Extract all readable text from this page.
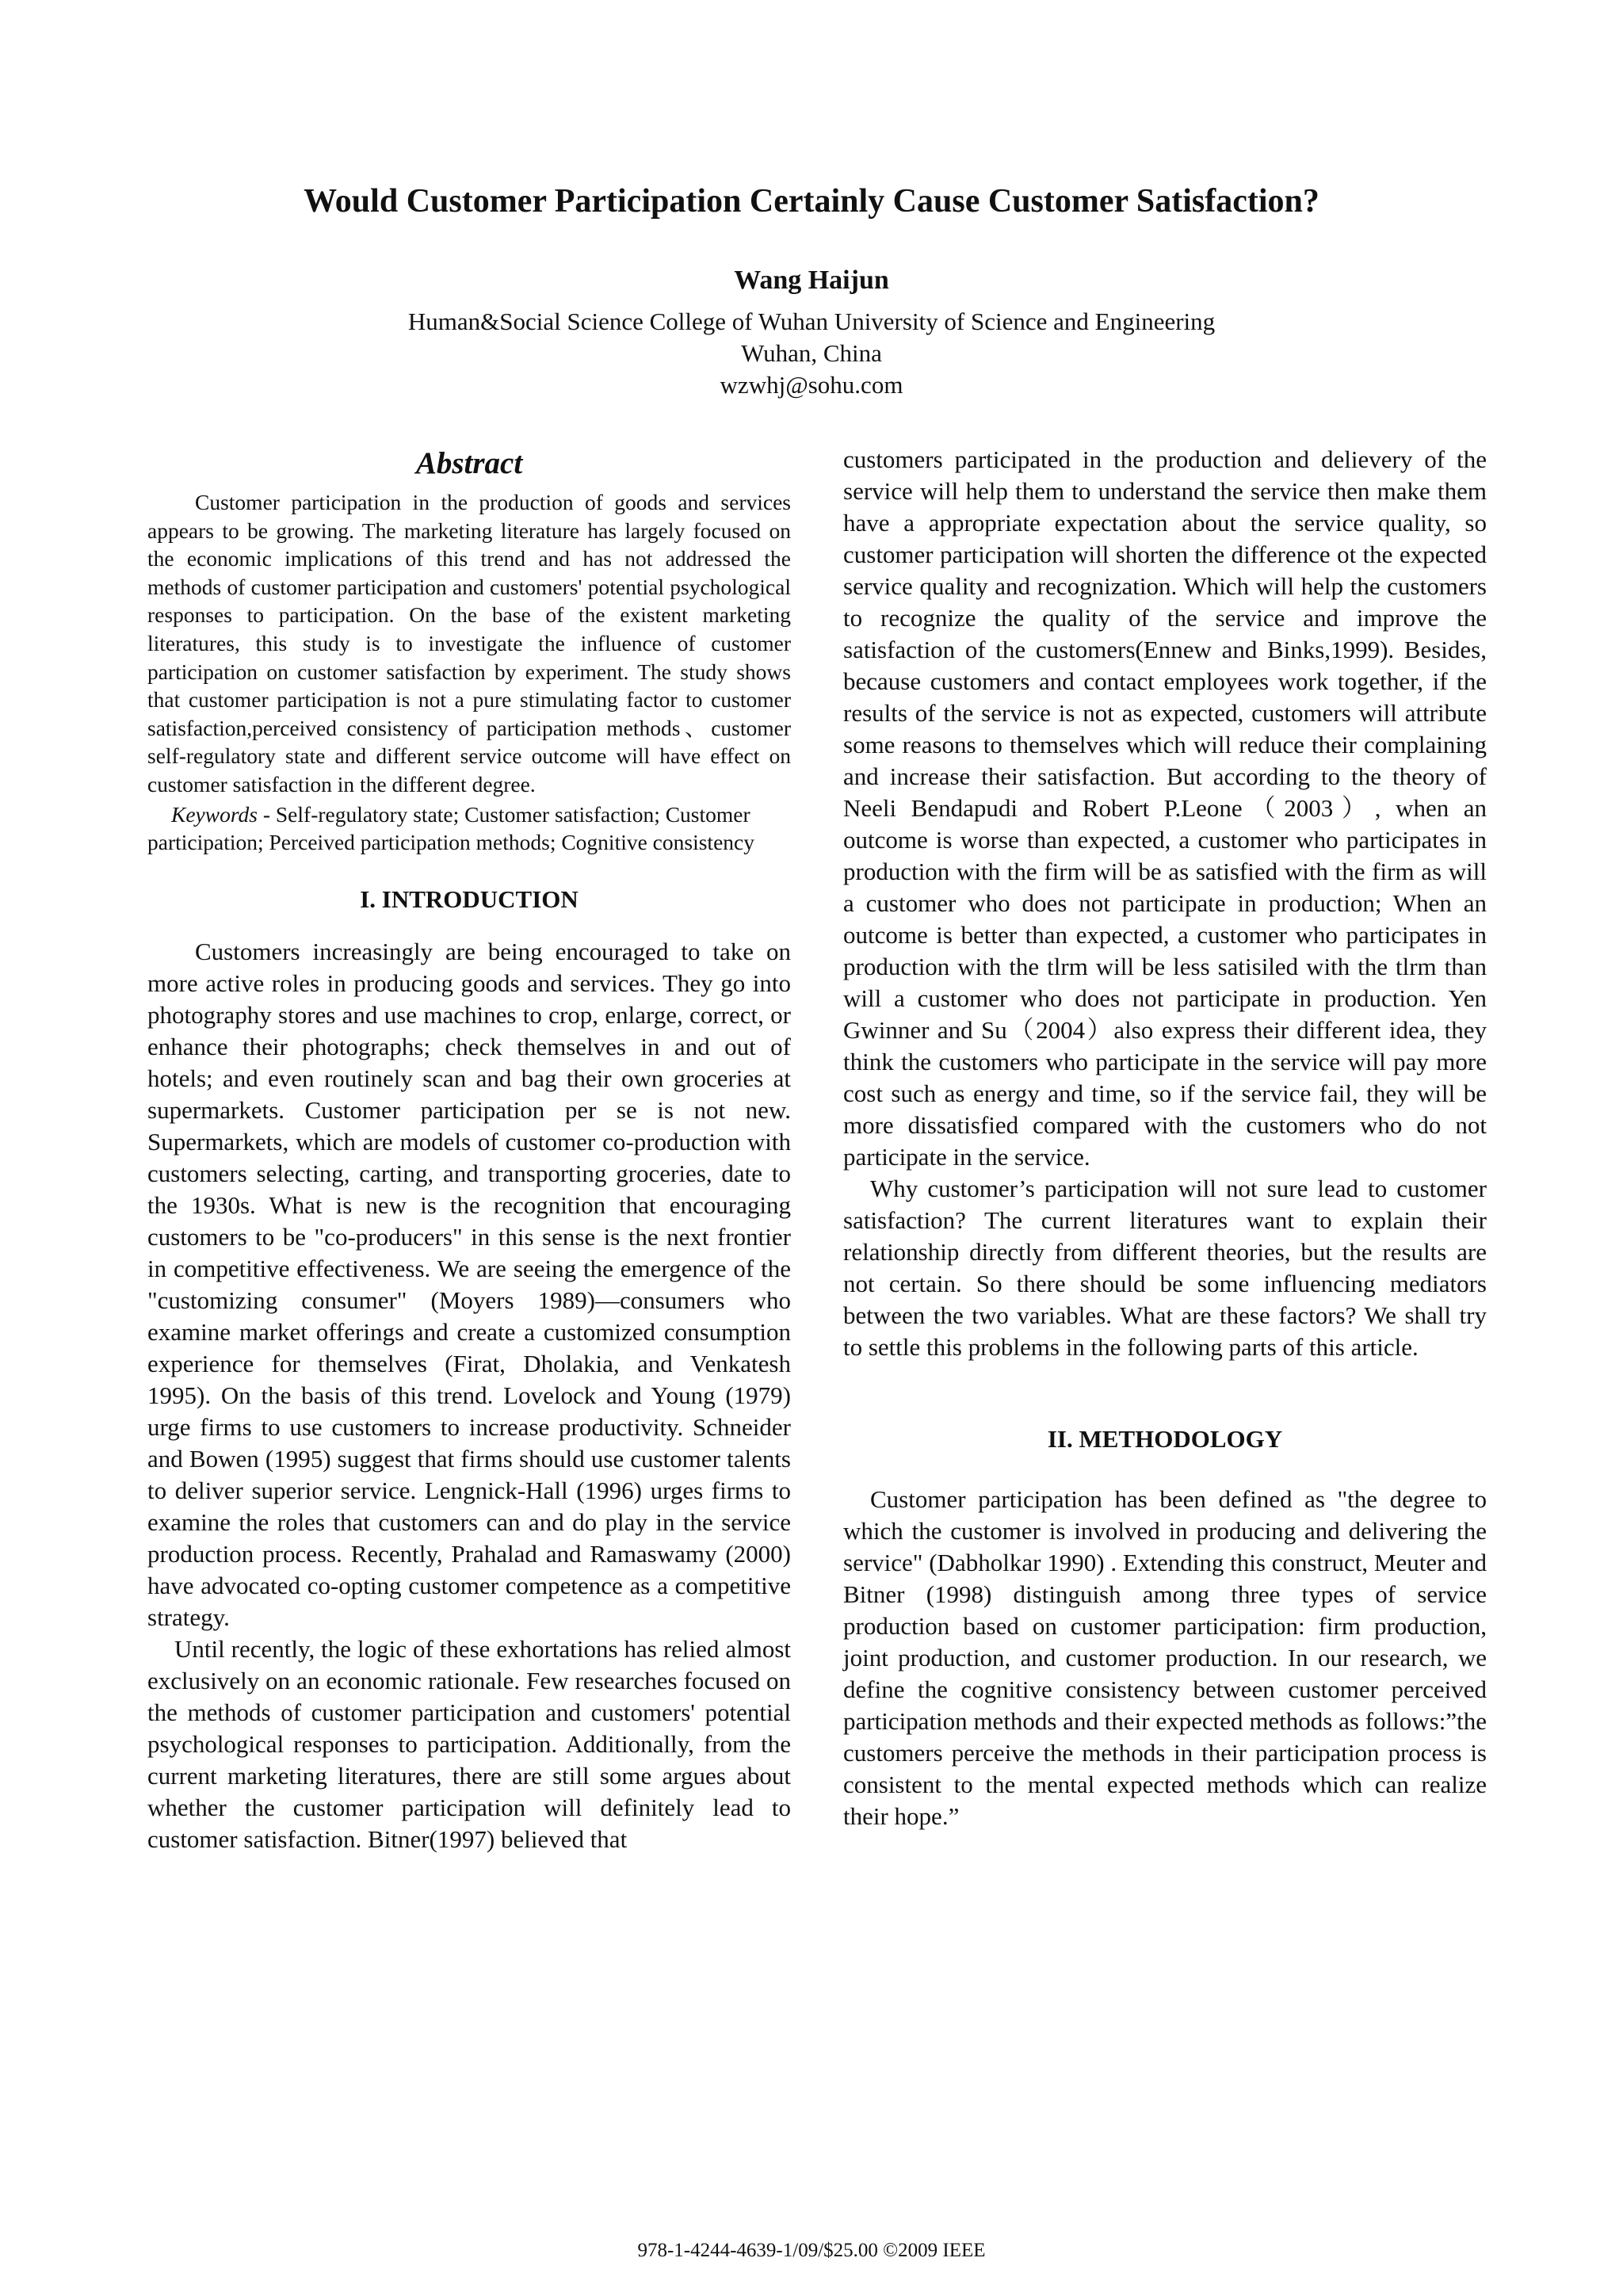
Would Customer Participation Certainly Cause Customer Satisfaction?
Wang Haijun
Human&Social Science College of Wuhan University of Science and Engineering
Wuhan, China
wzwhj@sohu.com
Abstract

Customer participation in the production of goods and services appears to be growing. The marketing literature has largely focused on the economic implications of this trend and has not addressed the methods of customer participation and customers' potential psychological responses to participation. On the base of the existent marketing literatures, this study is to investigate the influence of customer participation on customer satisfaction by experiment. The study shows that customer participation is not a pure stimulating factor to customer satisfaction,perceived consistency of participation methods、customer self-regulatory state and different service outcome will have effect on customer satisfaction in the different degree.

Keywords - Self-regulatory state; Customer satisfaction; Customer participation; Perceived participation methods; Cognitive consistency

I. INTRODUCTION

Customers increasingly are being encouraged to take on more active roles in producing goods and services. They go into photography stores and use machines to crop, enlarge, correct, or enhance their photographs; check themselves in and out of hotels; and even routinely scan and bag their own groceries at supermarkets. Customer participation per se is not new. Supermarkets, which are models of customer co-production with customers selecting, carting, and transporting groceries, date to the 1930s. What is new is the recognition that encouraging customers to be "co-producers" in this sense is the next frontier in competitive effectiveness. We are seeing the emergence of the "customizing consumer" (Moyers 1989)—consumers who examine market offerings and create a customized consumption experience for themselves (Firat, Dholakia, and Venkatesh 1995). On the basis of this trend. Lovelock and Young (1979) urge firms to use customers to increase productivity. Schneider and Bowen (1995) suggest that firms should use customer talents to deliver superior service. Lengnick-Hall (1996) urges firms to examine the roles that customers can and do play in the service production process. Recently, Prahalad and Ramaswamy (2000) have advocated co-opting customer competence as a competitive strategy.

Until recently, the logic of these exhortations has relied almost exclusively on an economic rationale. Few researches focused on the methods of customer participation and customers' potential psychological responses to participation. Additionally, from the current marketing literatures, there are still some argues about whether the customer participation will definitely lead to customer satisfaction. Bitner(1997) believed that

customers participated in the production and delievery of the service will help them to understand the service then make them have a appropriate expectation about the service quality, so customer participation will shorten the difference ot the expected service quality and recognization. Which will help the customers to recognize the quality of the service and improve the satisfaction of the customers(Ennew and Binks,1999). Besides, because customers and contact employees work together, if the results of the service is not as expected, customers will attribute some reasons to themselves which will reduce their complaining and increase their satisfaction. But according to the theory of Neeli Bendapudi and Robert P.Leone（2003）, when an outcome is worse than expected, a customer who participates in production with the firm will be as satisfied with the firm as will a customer who does not participate in production; When an outcome is better than expected, a customer who participates in production with the tlrm will be less satisiled with the tlrm than will a customer who does not participate in production. Yen Gwinner and Su（2004）also express their different idea, they think the customers who participate in the service will pay more cost such as energy and time, so if the service fail, they will be more dissatisfied compared with the customers who do not participate in the service.

Why customer’s participation will not sure lead to customer satisfaction? The current literatures want to explain their relationship directly from different theories, but the results are not certain. So there should be some influencing mediators between the two variables. What are these factors? We shall try to settle this problems in the following parts of this article.

II. METHODOLOGY

Customer participation has been defined as "the degree to which the customer is involved in producing and delivering the service" (Dabholkar 1990) . Extending this construct, Meuter and Bitner (1998) distinguish among three types of service production based on customer participation: firm production, joint production, and customer production. In our research, we define the cognitive consistency between customer perceived participation methods and their expected methods as follows:”the customers perceive the methods in their participation process is consistent to the mental expected methods which can realize their hope.”

978-1-4244-4639-1/09/$25.00 ©2009 IEEE
